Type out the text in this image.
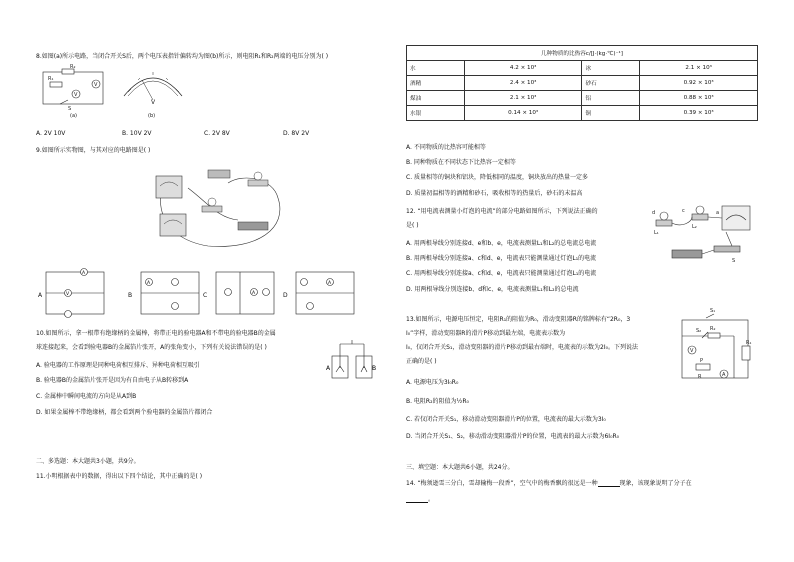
8.如图(a)所示电路，当闭合开关S后，两个电压表指针偏转均为图(b)所示，则电阻R₁和R₂两端的电压分别为( )
V
V
R₁
R₂
S
(a)
V
(b)
A. 2V 10V	B. 10V 2V	C. 2V 8V	D. 8V 2V
9.如图所示实物图，与其对应的电路图是( )
A
V
A
A
B	A
C
A
D
10.如图所示，拿一根带有绝缘柄的金属棒，将带正电的验电器A和不带电的验电器B的金属
球连接起来，会看到验电器B的金属箔片张开，A的张角变小，下列有关说法错误的是( )
A	B
A. 验电器的工作原理是同种电荷相互排斥、异种电荷相互吸引
B. 验电器B的金属箔片张开是因为有自由电子从B转移到A
C. 金属棒中瞬间电流的方向是从A到B
D. 如果金属棒不带绝缘柄，都会看到两个验电器的金属箔片都闭合
二、多选题：本大题共3小题，共9分。
11.小明根据表中的数据，得出以下四个结论，其中正确的是( )
几种物质的比热容c/[J·(kg·℃)⁻¹]			
水	4.2 × 10³	冰	2.1 × 10³
酒精	2.4 × 10³	砂石	0.92 × 10³
煤油	2.1 × 10³	铝	0.88 × 10³
水银	0.14 × 10³	铜	0.39 × 10³
A. 不同物质的比热容可能相等
B. 同种物质在不同状态下比热容一定相等
C. 质量相等的铜块和铝块，降低相同的温度，铜块放出的热量一定多
D. 质量初温相等的酒精和砂石，吸收相等的热量后，砂石的末温高
12. “用电流表测量小灯泡的电流”的部分电路如图所示，下列说法正确的
是( )
d	c	a
L₁
L₂
S
A. 用两根导线分别连接d、e和b、e，电流表测量L₁和L₂的总电流总电流
B. 用两根导线分别连接a、c和d、e，电流表只能测量通过灯泡L₁的电流
C. 用两根导线分别连接a、c和d、e，电流表只能测量通过灯泡L₁的电流
D. 用两根导线分别连接b、d和c、e，电流表测量L₁和L₂的总电流
13.如图所示，电源电压恒定，电阻R₁的阻值为R₀，滑动变阻器R的铭牌标有“2R₀，3
I₀”字样，滑动变阻器R的滑片P移动到最左端，电流表示数为
I₀，仅闭合开关S₁，滑动变阻器的滑片P移动到最右端时，电流表的示数为2I₀。下列说法
正确的是( )
V
A
S₁
S₂ R₂
R₁
P
R
A. 电源电压为3I₀R₀
B. 电阻R₂的阻值为½R₀
C. 若仅闭合开关S₁，移动滑动变阻器滑片P的位置，电流表的最大示数为3I₀
D. 当闭合开关S₁、S₂，移动滑动变阻器滑片P的位置，电流表的最大示数为6I₀R₀
三、填空题：本大题共6小题，共24分。
14. “梅须逊雪三分白，雪却输梅一段香”，空气中的梅香飘的很远是一种	现象，该现象说明了分子在
。
